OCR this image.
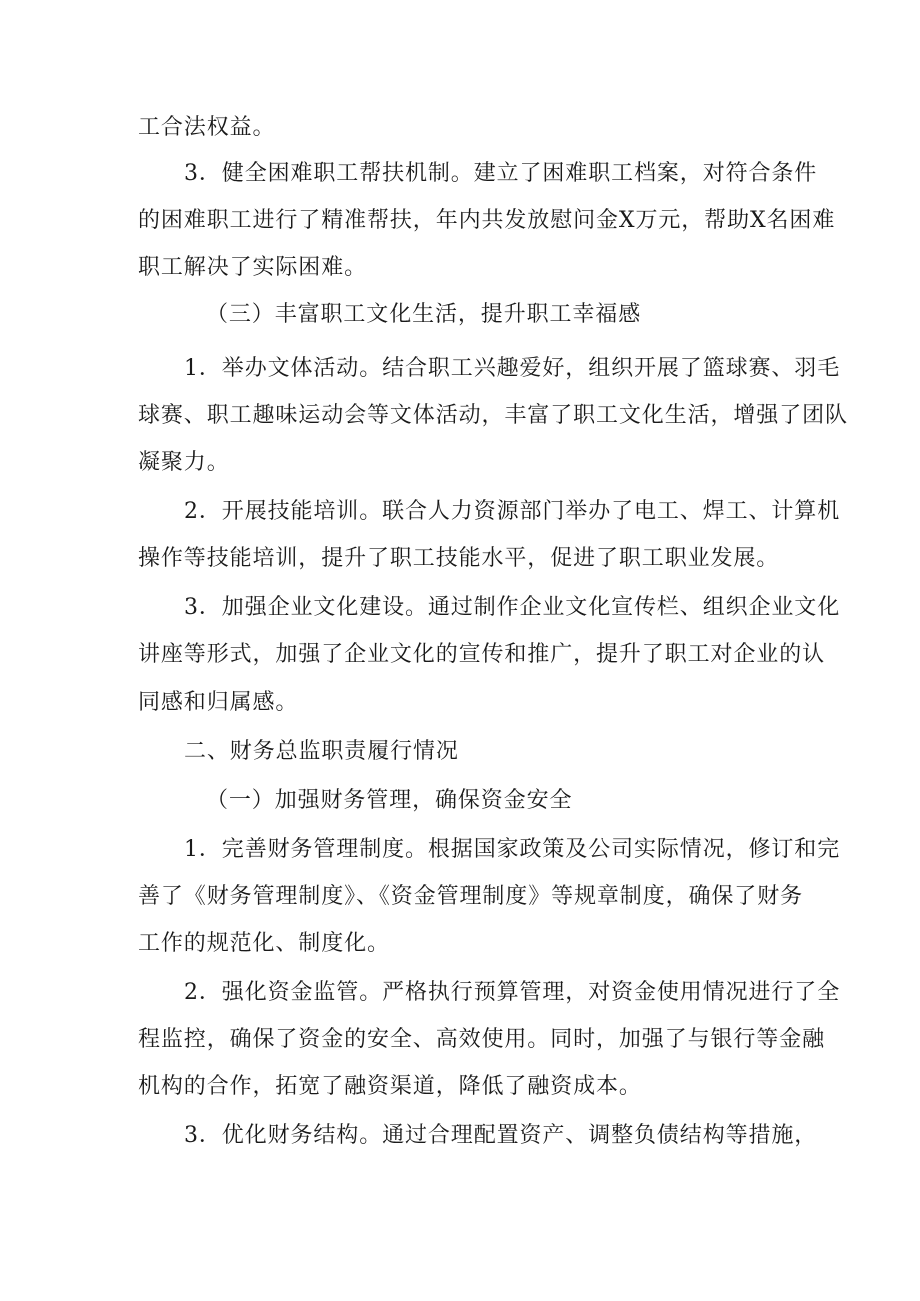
工合法权益。
3．健全困难职工帮扶机制。建立了困难职工档案，对符合条件
的困难职工进行了精准帮扶，年内共发放慰问金X万元，帮助X名困难
职工解决了实际困难。
（三）丰富职工文化生活，提升职工幸福感
1．举办文体活动。结合职工兴趣爱好，组织开展了篮球赛、羽毛
球赛、职工趣味运动会等文体活动，丰富了职工文化生活，增强了团队
凝聚力。
2．开展技能培训。联合人力资源部门举办了电工、焊工、计算机
操作等技能培训，提升了职工技能水平，促进了职工职业发展。
3．加强企业文化建设。通过制作企业文化宣传栏、组织企业文化
讲座等形式，加强了企业文化的宣传和推广，提升了职工对企业的认
同感和归属感。
二、财务总监职责履行情况
（一）加强财务管理，确保资金安全
1．完善财务管理制度。根据国家政策及公司实际情况，修订和完
善了《财务管理制度》、《资金管理制度》等规章制度，确保了财务
工作的规范化、制度化。
2．强化资金监管。严格执行预算管理，对资金使用情况进行了全
程监控，确保了资金的安全、高效使用。同时，加强了与银行等金融
机构的合作，拓宽了融资渠道，降低了融资成本。
3．优化财务结构。通过合理配置资产、调整负债结构等措施，
